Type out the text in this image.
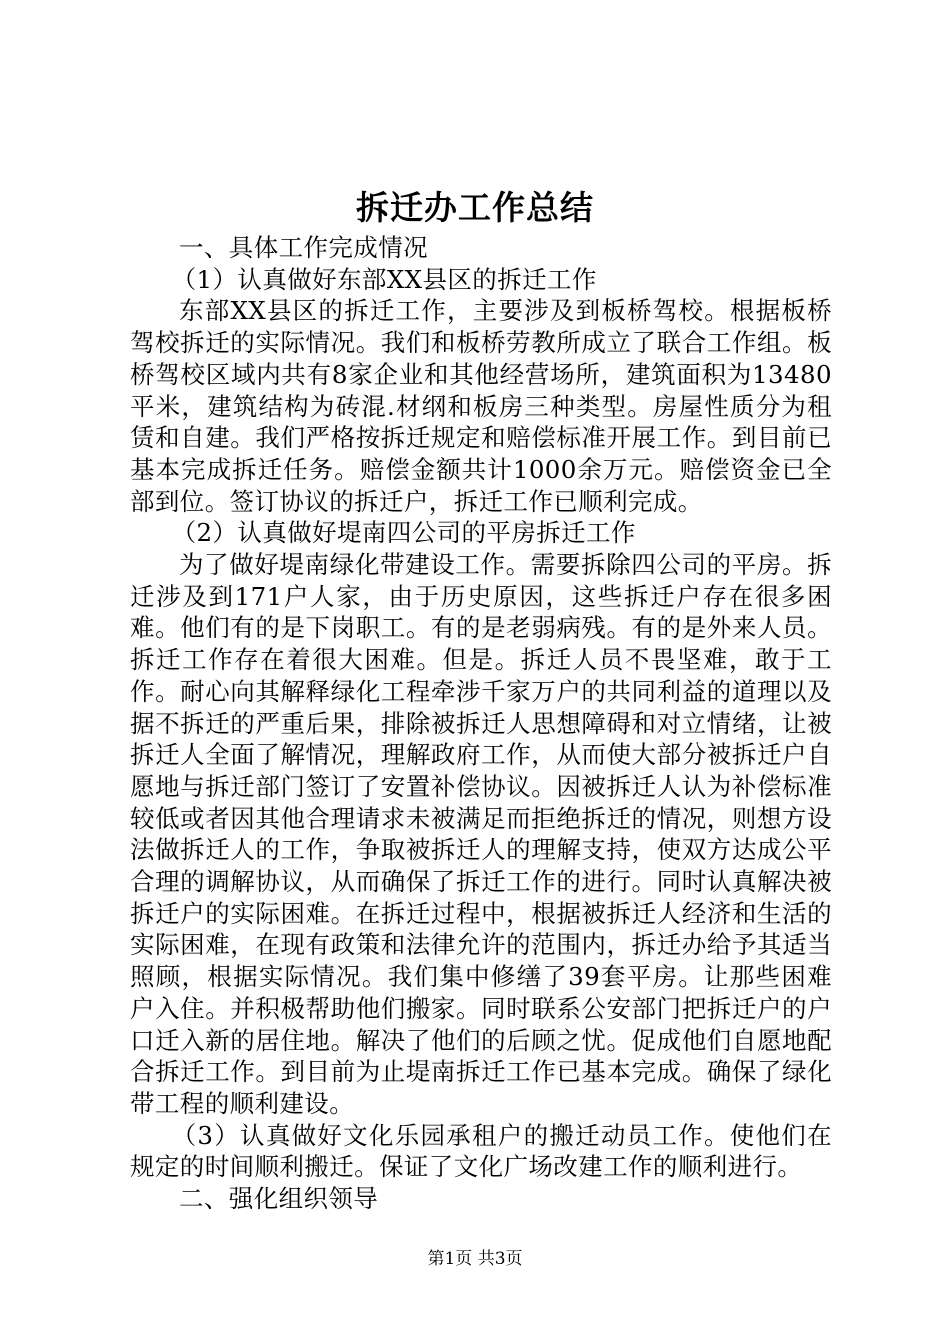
拆迁办工作总结

一、具体工作完成情况

（1）认真做好东部XX县区的拆迁工作

东部XX县区的拆迁工作，主要涉及到板桥驾校。根据板桥驾校拆迁的实际情况。我们和板桥劳教所成立了联合工作组。板桥驾校区域内共有8家企业和其他经营场所，建筑面积为13480平米，建筑结构为砖混.材纲和板房三种类型。房屋性质分为租赁和自建。我们严格按拆迁规定和赔偿标准开展工作。到目前已基本完成拆迁任务。赔偿金额共计1000余万元。赔偿资金已全部到位。签订协议的拆迁户，拆迁工作已顺利完成。

（2）认真做好堤南四公司的平房拆迁工作

为了做好堤南绿化带建设工作。需要拆除四公司的平房。拆迁涉及到171户人家，由于历史原因，这些拆迁户存在很多困难。他们有的是下岗职工。有的是老弱病残。有的是外来人员。拆迁工作存在着很大困难。但是。拆迁人员不畏坚难，敢于工作。耐心向其解释绿化工程牵涉千家万户的共同利益的道理以及据不拆迁的严重后果，排除被拆迁人思想障碍和对立情绪，让被拆迁人全面了解情况，理解政府工作，从而使大部分被拆迁户自愿地与拆迁部门签订了安置补偿协议。因被拆迁人认为补偿标准较低或者因其他合理请求未被满足而拒绝拆迁的情况，则想方设法做拆迁人的工作，争取被拆迁人的理解支持，使双方达成公平合理的调解协议，从而确保了拆迁工作的进行。同时认真解决被拆迁户的实际困难。在拆迁过程中，根据被拆迁人经济和生活的实际困难，在现有政策和法律允许的范围内，拆迁办给予其适当照顾，根据实际情况。我们集中修缮了39套平房。让那些困难户入住。并积极帮助他们搬家。同时联系公安部门把拆迁户的户口迁入新的居住地。解决了他们的后顾之忧。促成他们自愿地配合拆迁工作。到目前为止堤南拆迁工作已基本完成。确保了绿化带工程的顺利建设。

（3）认真做好文化乐园承租户的搬迁动员工作。使他们在规定的时间顺利搬迁。保证了文化广场改建工作的顺利进行。

二、强化组织领导

第1页 共3页
